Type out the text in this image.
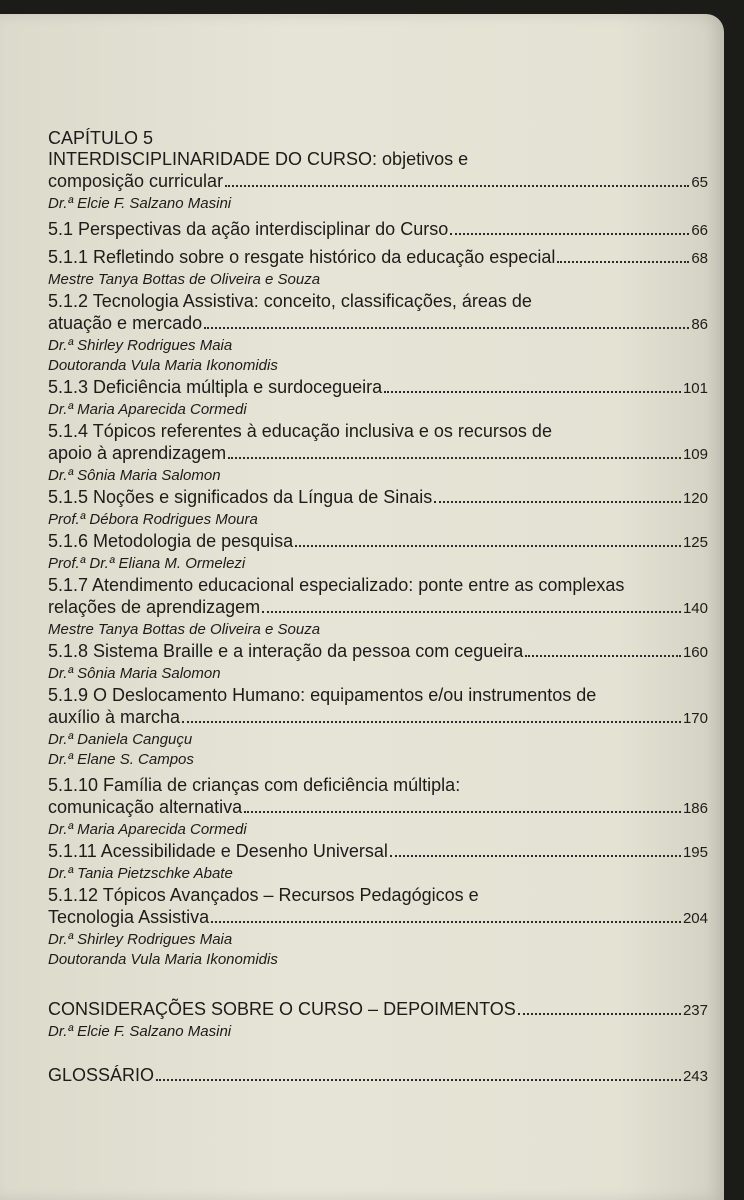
CAPÍTULO 5

INTERDISCIPLINARIDADE DO CURSO: objetivos e
composição curricular	65
Dr.ª Elcie F. Salzano Masini
5.1 Perspectivas da ação interdisciplinar do Curso	66
5.1.1 Refletindo sobre o resgate histórico da educação especial	68
Mestre Tanya Bottas de Oliveira e Souza
5.1.2 Tecnologia Assistiva: conceito, classificações, áreas de
atuação e mercado	86
Dr.ª Shirley Rodrigues Maia
Doutoranda Vula Maria Ikonomidis
5.1.3 Deficiência múltipla e surdocegueira	101
Dr.ª Maria Aparecida Cormedi
5.1.4 Tópicos referentes à educação inclusiva e os recursos de
apoio à aprendizagem	109
Dr.ª Sônia Maria Salomon
5.1.5 Noções e significados da Língua de Sinais	120
Prof.ª Débora Rodrigues Moura
5.1.6 Metodologia de pesquisa	125
Prof.ª Dr.ª Eliana M. Ormelezi
5.1.7 Atendimento educacional especializado: ponte entre as complexas
relações de aprendizagem	140
Mestre Tanya Bottas de Oliveira e Souza
5.1.8 Sistema Braille e a interação da pessoa com cegueira	160
Dr.ª Sônia Maria Salomon
5.1.9 O Deslocamento Humano: equipamentos e/ou instrumentos de
auxílio à marcha	170
Dr.ª Daniela Canguçu
Dr.ª Elane S. Campos
5.1.10 Família de crianças com deficiência múltipla:
comunicação alternativa	186
Dr.ª Maria Aparecida Cormedi
5.1.11 Acessibilidade e Desenho Universal	195
Dr.ª Tania Pietzschke Abate
5.1.12 Tópicos Avançados – Recursos Pedagógicos e
Tecnologia Assistiva	204
Dr.ª Shirley Rodrigues Maia
Doutoranda Vula Maria Ikonomidis
CONSIDERAÇÕES SOBRE O CURSO – DEPOIMENTOS	237
Dr.ª Elcie F. Salzano Masini
GLOSSÁRIO	243
